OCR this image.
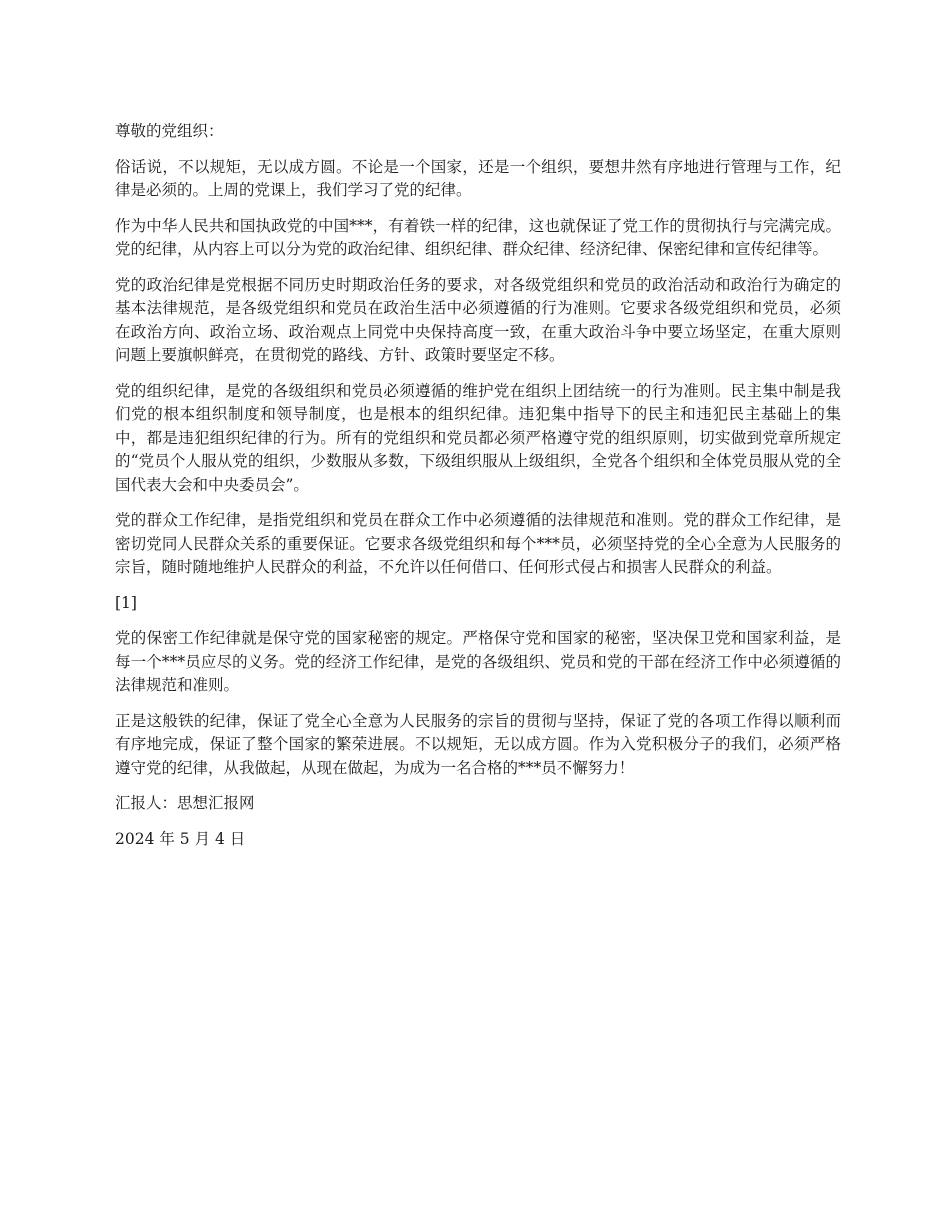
尊敬的党组织：

俗话说，不以规矩，无以成方圆。不论是一个国家，还是一个组织，要想井然有序地进行管理与工作，纪律是必须的。上周的党课上，我们学习了党的纪律。

作为中华人民共和国执政党的中国***，有着铁一样的纪律，这也就保证了党工作的贯彻执行与完满完成。党的纪律，从内容上可以分为党的政治纪律、组织纪律、群众纪律、经济纪律、保密纪律和宣传纪律等。

党的政治纪律是党根据不同历史时期政治任务的要求，对各级党组织和党员的政治活动和政治行为确定的基本法律规范，是各级党组织和党员在政治生活中必须遵循的行为准则。它要求各级党组织和党员，必须在政治方向、政治立场、政治观点上同党中央保持高度一致，在重大政治斗争中要立场坚定，在重大原则问题上要旗帜鲜亮，在贯彻党的路线、方针、政策时要坚定不移。

党的组织纪律，是党的各级组织和党员必须遵循的维护党在组织上团结统一的行为准则。民主集中制是我们党的根本组织制度和领导制度，也是根本的组织纪律。违犯集中指导下的民主和违犯民主基础上的集中，都是违犯组织纪律的行为。所有的党组织和党员都必须严格遵守党的组织原则，切实做到党章所规定的“党员个人服从党的组织，少数服从多数，下级组织服从上级组织，全党各个组织和全体党员服从党的全国代表大会和中央委员会”。

党的群众工作纪律，是指党组织和党员在群众工作中必须遵循的法律规范和准则。党的群众工作纪律，是密切党同人民群众关系的重要保证。它要求各级党组织和每个***员，必须坚持党的全心全意为人民服务的宗旨，随时随地维护人民群众的利益，不允许以任何借口、任何形式侵占和损害人民群众的利益。

[1]

党的保密工作纪律就是保守党的国家秘密的规定。严格保守党和国家的秘密，坚决保卫党和国家利益，是每一个***员应尽的义务。党的经济工作纪律，是党的各级组织、党员和党的干部在经济工作中必须遵循的法律规范和准则。

正是这般铁的纪律，保证了党全心全意为人民服务的宗旨的贯彻与坚持，保证了党的各项工作得以顺利而有序地完成，保证了整个国家的繁荣进展。不以规矩，无以成方圆。作为入党积极分子的我们，必须严格遵守党的纪律，从我做起，从现在做起，为成为一名合格的***员不懈努力！

汇报人：思想汇报网

2024 年 5 月 4 日
